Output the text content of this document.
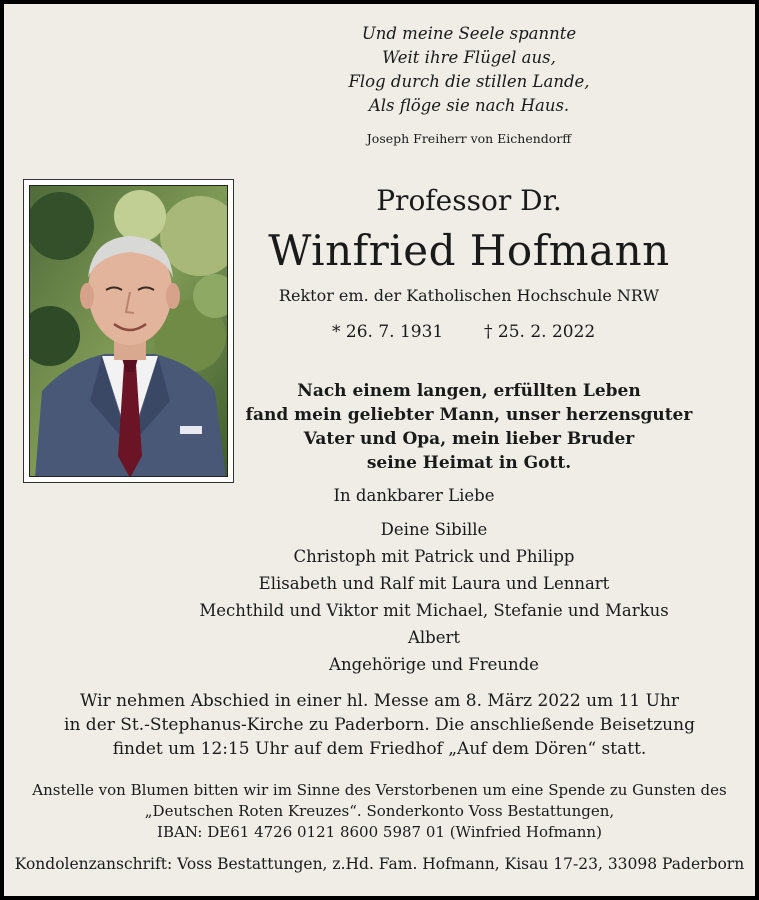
Und meine Seele spannte
Weit ihre Flügel aus,
Flog durch die stillen Lande,
Als flöge sie nach Haus.
Joseph Freiherr von Eichendorff
Professor Dr.
Winfried Hofmann
Rektor em. der Katholischen Hochschule NRW
* 26. 7. 1931 † 25. 2. 2022
Nach einem langen, erfüllten Leben
fand mein geliebter Mann, unser herzensguter
Vater und Opa, mein lieber Bruder
seine Heimat in Gott.
In dankbarer Liebe
Deine Sibille
Christoph mit Patrick und Philipp
Elisabeth und Ralf mit Laura und Lennart
Mechthild und Viktor mit Michael, Stefanie und Markus
Albert
Angehörige und Freunde
Wir nehmen Abschied in einer hl. Messe am 8. März 2022 um 11 Uhr
in der St.-Stephanus-Kirche zu Paderborn. Die anschließende Beisetzung
findet um 12:15 Uhr auf dem Friedhof „Auf dem Dören“ statt.
Anstelle von Blumen bitten wir im Sinne des Verstorbenen um eine Spende zu Gunsten des
„Deutschen Roten Kreuzes“. Sonderkonto Voss Bestattungen,
IBAN: DE61 4726 0121 8600 5987 01 (Winfried Hofmann)
Kondolenzanschrift: Voss Bestattungen, z.Hd. Fam. Hofmann, Kisau 17-23, 33098 Paderborn
